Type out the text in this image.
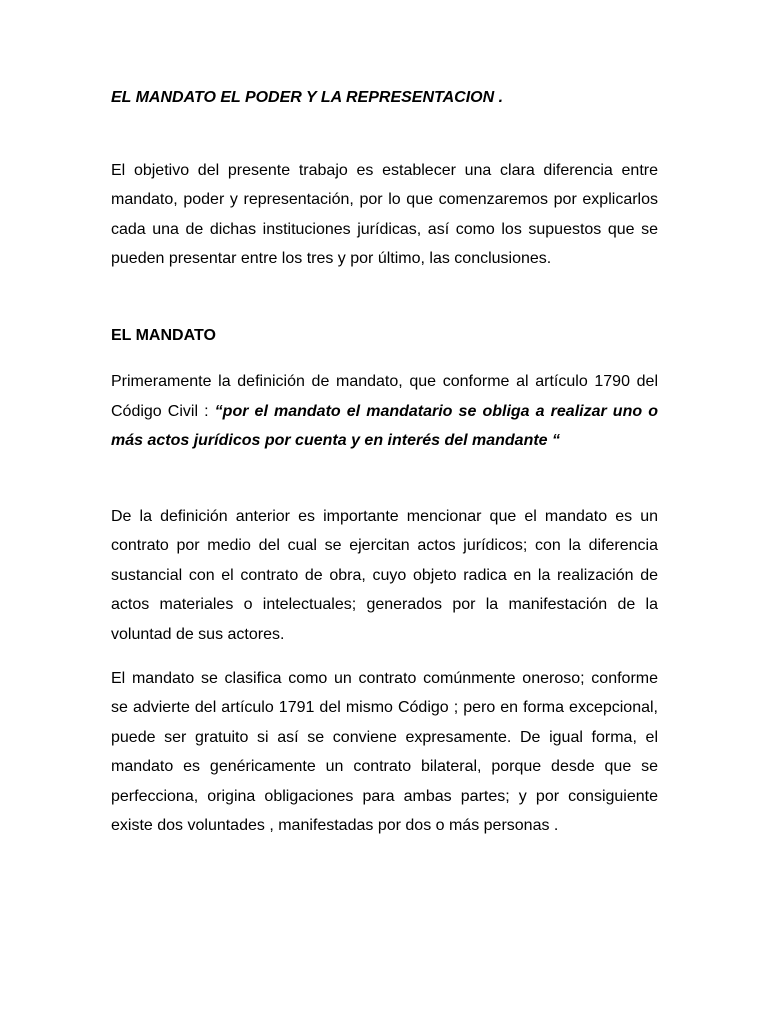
EL MANDATO EL PODER Y LA REPRESENTACION .

El objetivo del presente trabajo es establecer una clara diferencia entre mandato, poder y representación, por lo que comenzaremos por explicarlos cada una de dichas instituciones jurídicas, así como los supuestos que se pueden presentar entre los tres y por último, las conclusiones.

EL MANDATO

Primeramente la definición de mandato, que conforme al artículo 1790 del Código Civil : “por el mandato el mandatario se obliga a realizar uno o más actos jurídicos por cuenta y en interés del mandante “

De la definición anterior es importante mencionar que el mandato es un contrato por medio del cual se ejercitan actos jurídicos; con la diferencia sustancial con el contrato de obra, cuyo objeto radica en la realización de actos materiales o intelectuales; generados por la manifestación de la voluntad de sus actores.

El mandato se clasifica como un contrato comúnmente oneroso; conforme se advierte del artículo 1791 del mismo Código ; pero en forma excepcional, puede ser gratuito si así se conviene expresamente. De igual forma, el mandato es genéricamente un contrato bilateral, porque desde que se perfecciona, origina obligaciones para ambas partes; y por consiguiente existe dos voluntades , manifestadas por dos o más personas .
